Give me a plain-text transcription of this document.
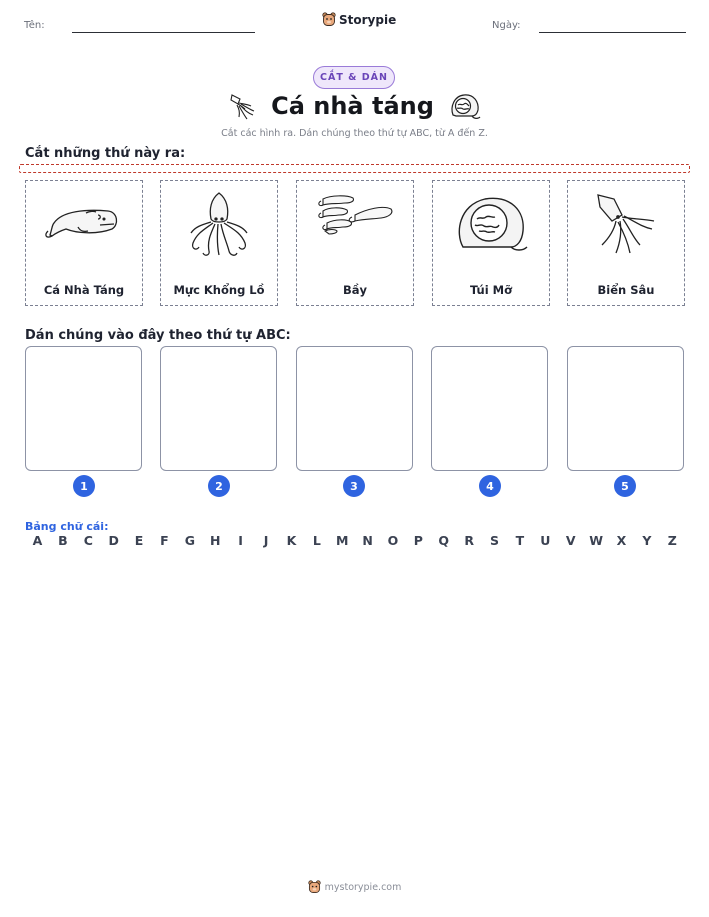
Tên:	Storypie	Ngày:
CẮT & DÁN
Cá nhà táng
Cắt các hình ra. Dán chúng theo thứ tự ABC, từ A đến Z.
Cắt những thứ này ra:
Cá Nhà Táng	Mực Khổng Lồ	Bầy	Túi Mỡ	Biển Sâu
Dán chúng vào đây theo thứ tự ABC:
1	2	3	4	5
Bảng chữ cái:
A	B	C	D	E	F	G	H	I	J	K	L	M	N	O	P	Q	R	S	T	U	V	W	X	Y	Z
mystorypie.com
